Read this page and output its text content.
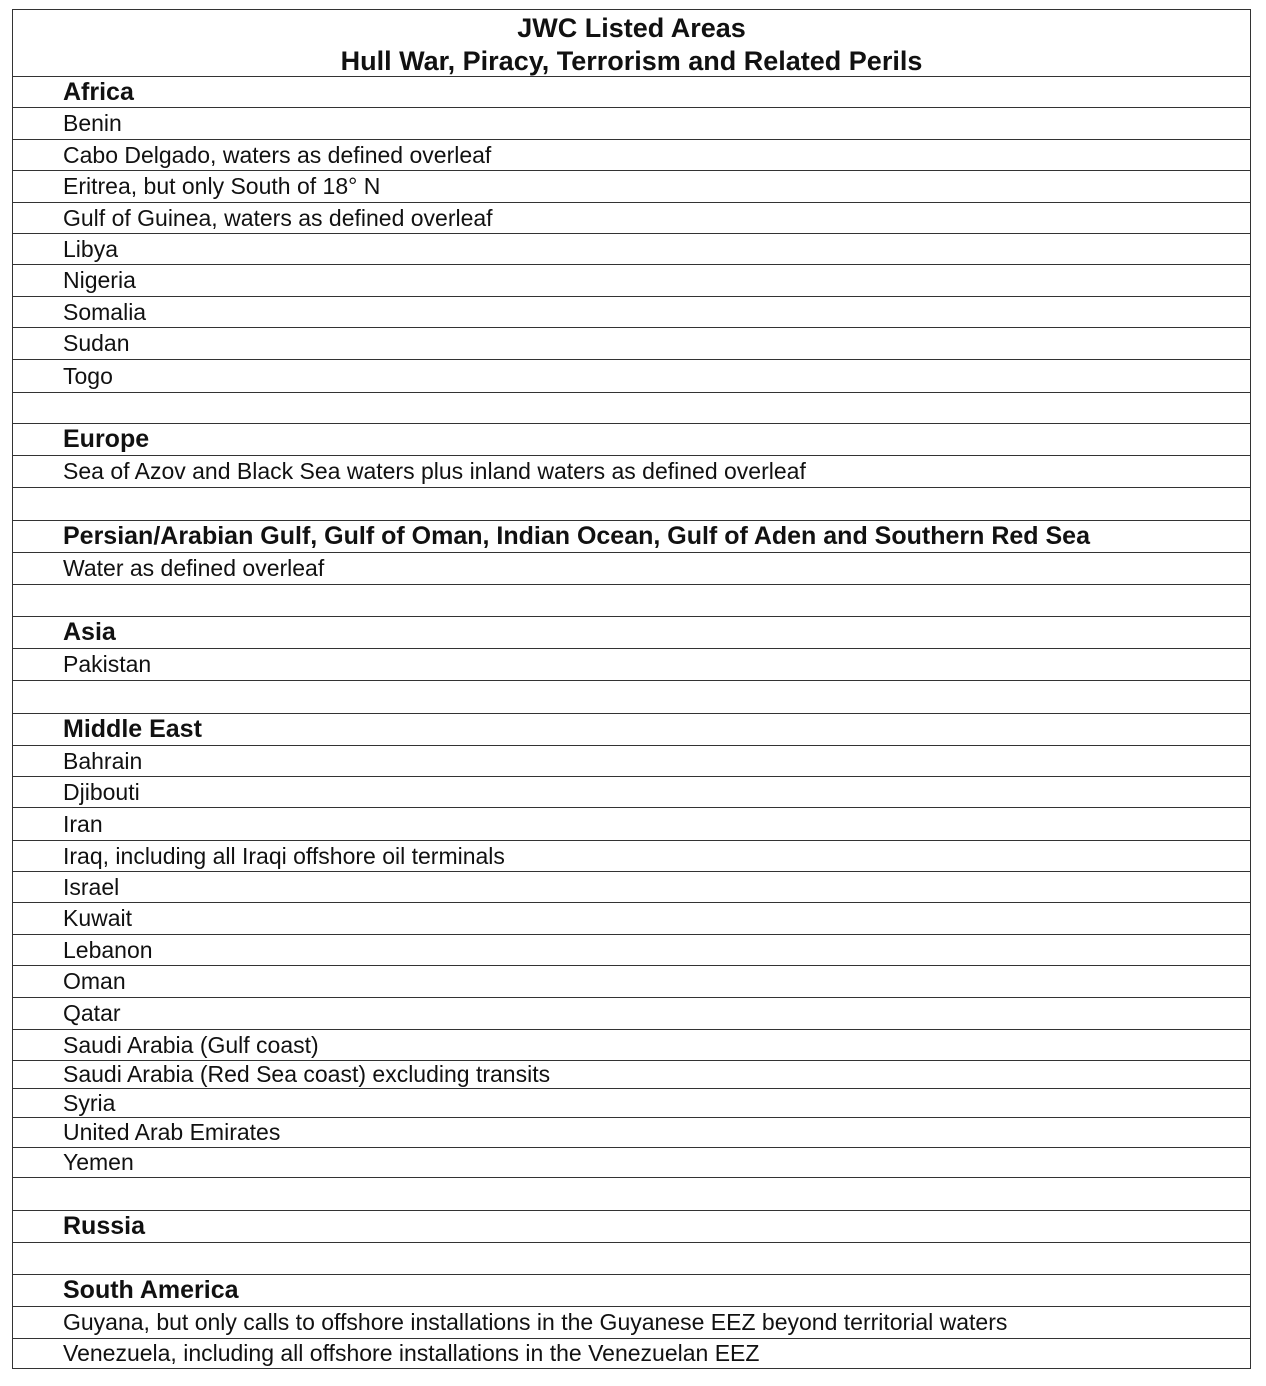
JWC Listed Areas
Hull War, Piracy, Terrorism and Related Perils
Africa
Benin
Cabo Delgado, waters as defined overleaf
Eritrea, but only South of 18° N
Gulf of Guinea, waters as defined overleaf
Libya
Nigeria
Somalia
Sudan
Togo
Europe
Sea of Azov and Black Sea waters plus inland waters as defined overleaf
Persian/Arabian Gulf, Gulf of Oman, Indian Ocean, Gulf of Aden and Southern Red Sea
Water as defined overleaf
Asia
Pakistan
Middle East
Bahrain
Djibouti
Iran
Iraq, including all Iraqi offshore oil terminals
Israel
Kuwait
Lebanon
Oman
Qatar
Saudi Arabia (Gulf coast)
Saudi Arabia (Red Sea coast) excluding transits
Syria
United Arab Emirates
Yemen
Russia
South America
Guyana, but only calls to offshore installations in the Guyanese EEZ beyond territorial waters
Venezuela, including all offshore installations in the Venezuelan EEZ
